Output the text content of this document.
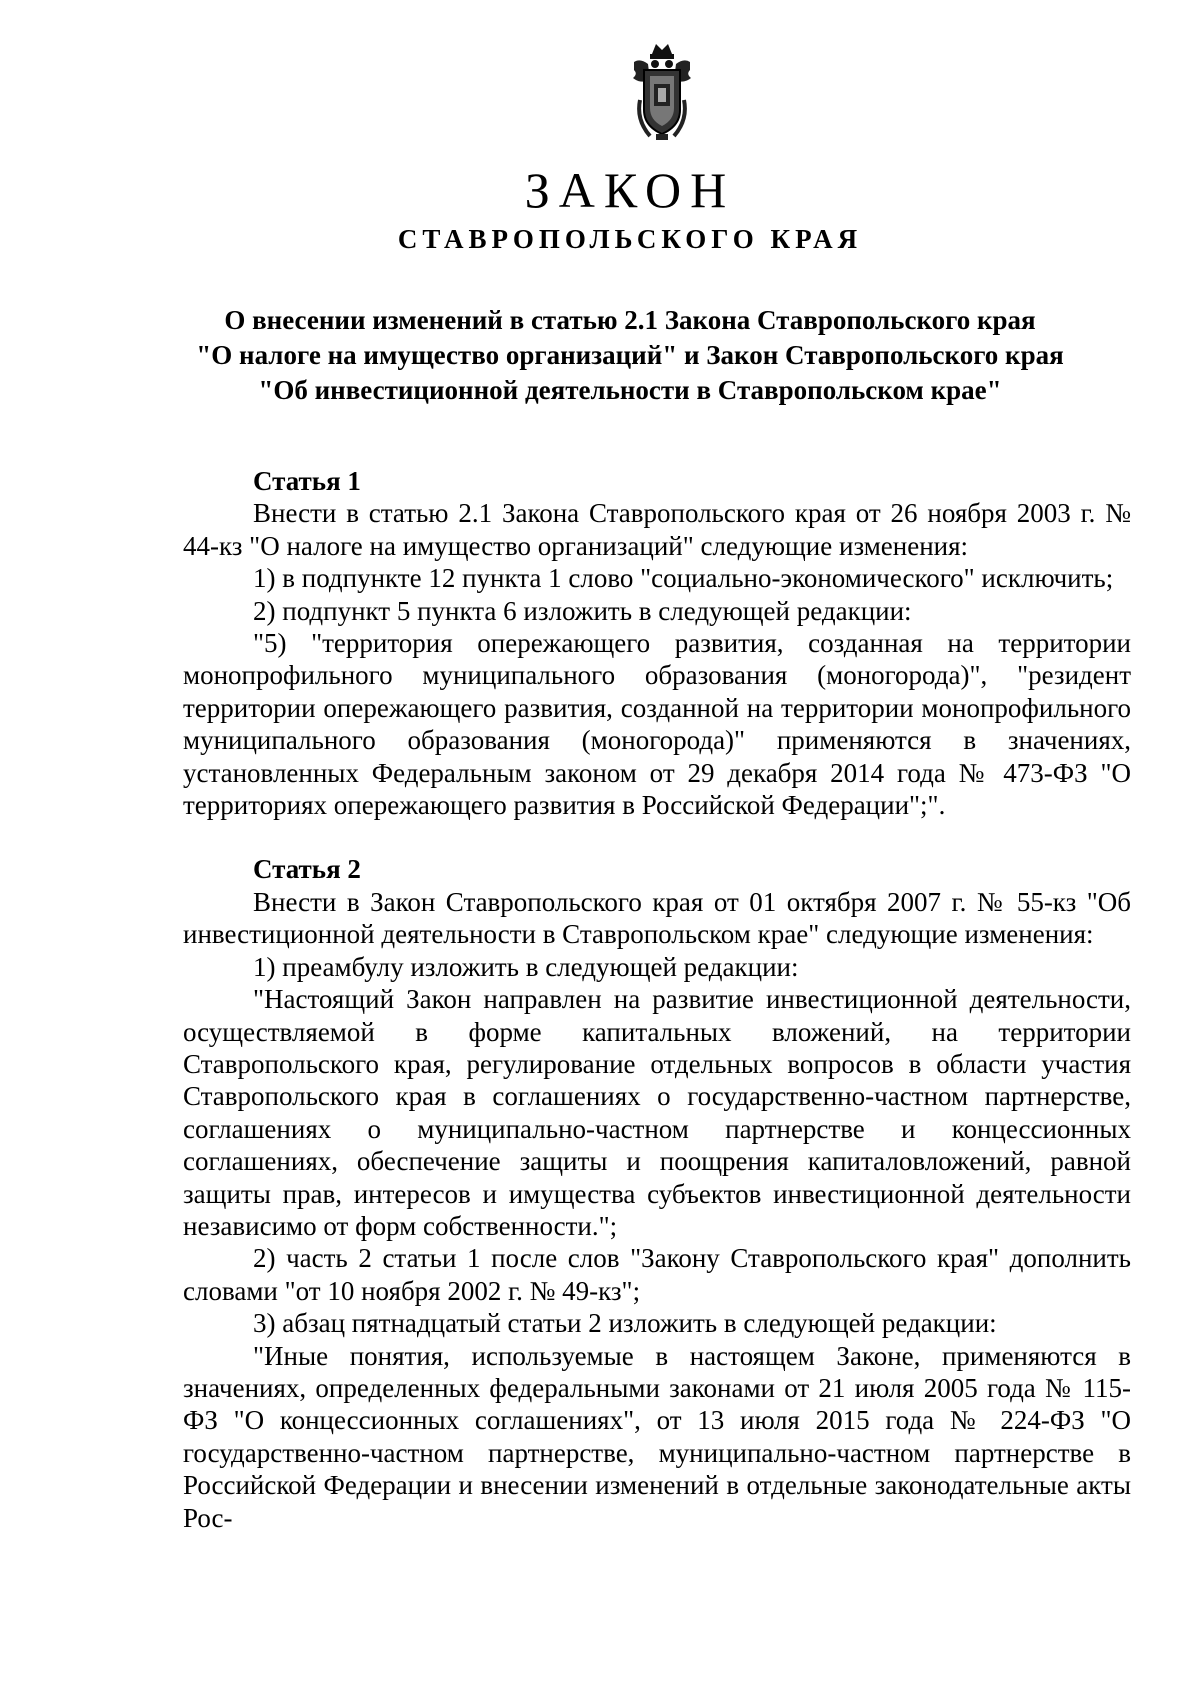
ЗАКОН
СТАВРОПОЛЬСКОГО КРАЯ
О внесении изменений в статью 2.1 Закона Ставропольского края
"О налоге на имущество организаций" и Закон Ставропольского края
"Об инвестиционной деятельности в Ставропольском крае"

Статья 1

Внести в статью 2.1 Закона Ставропольского края от 26 ноября 2003 г. № 44-кз "О налоге на имущество организаций" следующие изменения:

1) в подпункте 12 пункта 1 слово "социально-экономического" исключить;

2) подпункт 5 пункта 6 изложить в следующей редакции:

"5) "территория опережающего развития, созданная на территории монопрофильного муниципального образования (моногорода)", "резидент территории опережающего развития, созданной на территории монопрофильного муниципального образования (моногорода)" применяются в значениях, установленных Федеральным законом от 29 декабря 2014 года № 473-ФЗ "О территориях опережающего развития в Российской Федерации";".

Статья 2

Внести в Закон Ставропольского края от 01 октября 2007 г. № 55-кз "Об инвестиционной деятельности в Ставропольском крае" следующие изменения:

1) преамбулу изложить в следующей редакции:

"Настоящий Закон направлен на развитие инвестиционной деятельности, осуществляемой в форме капитальных вложений, на территории Ставропольского края, регулирование отдельных вопросов в области участия Ставропольского края в соглашениях о государственно-частном партнерстве, соглашениях о муниципально-частном партнерстве и концессионных соглашениях, обеспечение защиты и поощрения капиталовложений, равной защиты прав, интересов и имущества субъектов инвестиционной деятельности независимо от форм собственности.";

2) часть 2 статьи 1 после слов "Закону Ставропольского края" дополнить словами "от 10 ноября 2002 г. № 49-кз";

3) абзац пятнадцатый статьи 2 изложить в следующей редакции:

"Иные понятия, используемые в настоящем Законе, применяются в значениях, определенных федеральными законами от 21 июля 2005 года № 115-ФЗ "О концессионных соглашениях", от 13 июля 2015 года № 224-ФЗ "О государственно-частном партнерстве, муниципально-частном партнерстве в Российской Федерации и внесении изменений в отдельные законодательные акты Рос-
